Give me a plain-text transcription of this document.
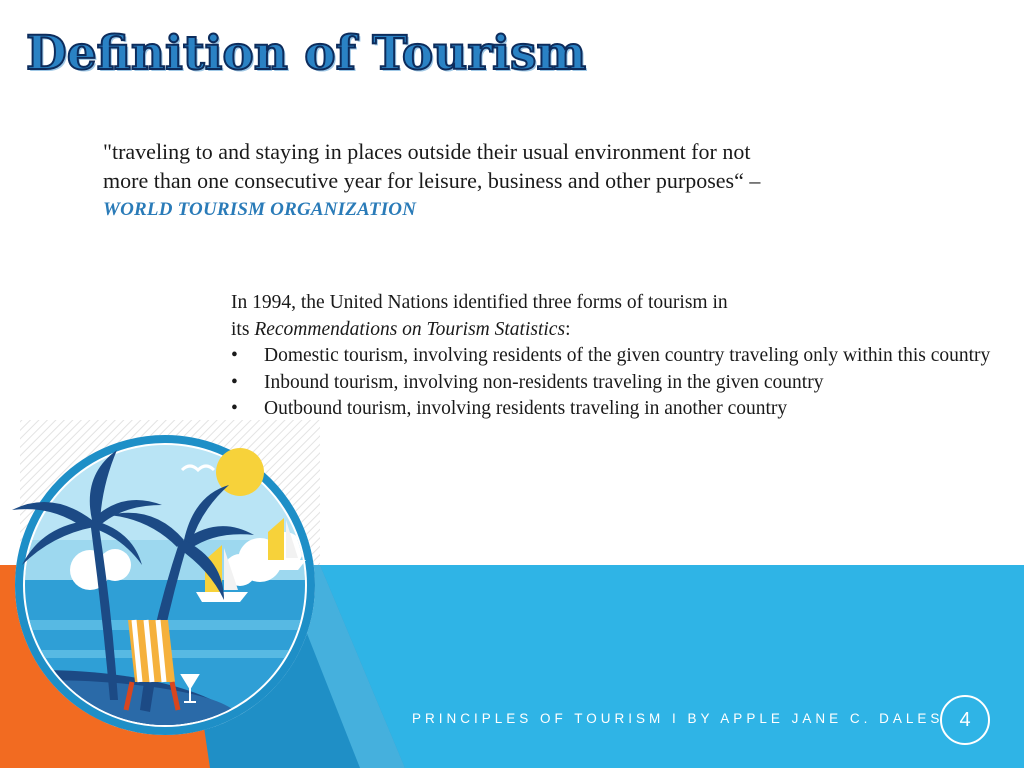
Definition of Tourism
"traveling to and staying in places outside their usual environment for not
more than one consecutive year for leisure, business and other purposes“ –
WORLD TOURISM ORGANIZATION
In 1994, the United Nations identified three forms of tourism in
its Recommendations on Tourism Statistics:
• Domestic tourism, involving residents of the given country traveling only within this country
• Inbound tourism, involving non-residents traveling in the given country
• Outbound tourism, involving residents traveling in another country
PRINCIPLES OF TOURISM I BY APPLE JANE C. DALES 4
